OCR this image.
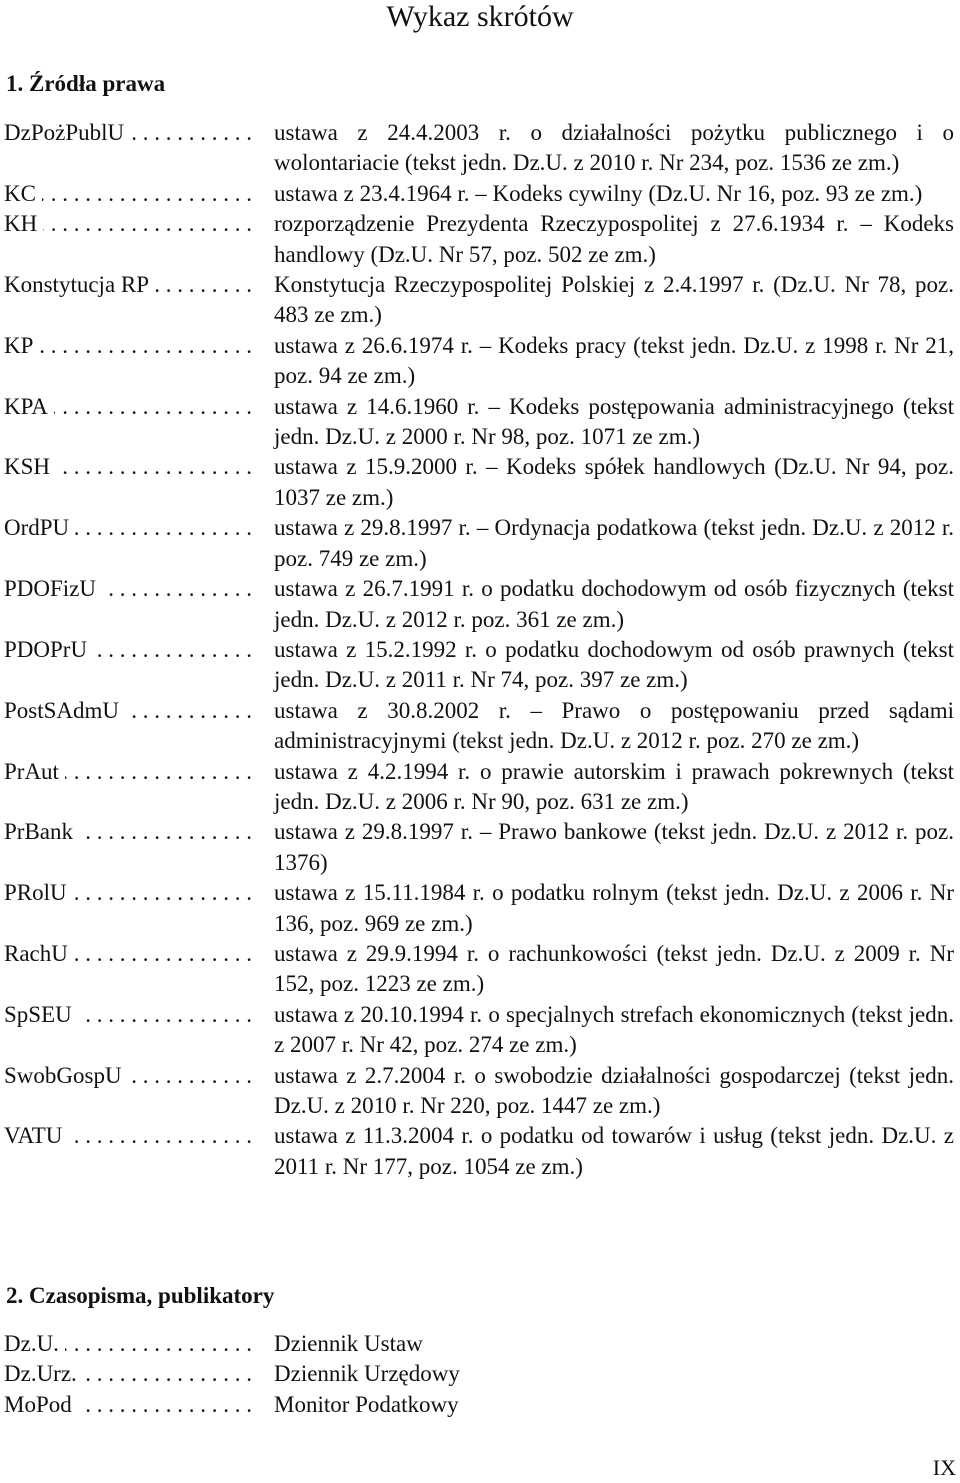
Wykaz skrótów
1. Źródła prawa
DzPożPublU . . .	ustawa z 24.4.2003 r. o działalności pożytku publicznego i o wolontariacie (tekst jedn. Dz.U. z 2010 r. Nr 234, poz. 1536 ze zm.)
KC . . .	ustawa z 23.4.1964 r. – Kodeks cywilny (Dz.U. Nr 16, poz. 93 ze zm.)
KH . . .	rozporządzenie Prezydenta Rzeczypospolitej z 27.6.1934 r. – Kodeks handlowy (Dz.U. Nr 57, poz. 502 ze zm.)
Konstytucja RP . . .	Konstytucja Rzeczypospolitej Polskiej z 2.4.1997 r. (Dz.U. Nr 78, poz. 483 ze zm.)
KP . . .	ustawa z 26.6.1974 r. – Kodeks pracy (tekst jedn. Dz.U. z 1998 r. Nr 21, poz. 94 ze zm.)
KPA . . .	ustawa z 14.6.1960 r. – Kodeks postępowania administracyjnego (tekst jedn. Dz.U. z 2000 r. Nr 98, poz. 1071 ze zm.)
KSH . . .	ustawa z 15.9.2000 r. – Kodeks spółek handlowych (Dz.U. Nr 94, poz. 1037 ze zm.)
OrdPU . . .	ustawa z 29.8.1997 r. – Ordynacja podatkowa (tekst jedn. Dz.U. z 2012 r. poz. 749 ze zm.)
PDOFizU . . .	ustawa z 26.7.1991 r. o podatku dochodowym od osób fizycznych (tekst jedn. Dz.U. z 2012 r. poz. 361 ze zm.)
PDOPrU . . .	ustawa z 15.2.1992 r. o podatku dochodowym od osób prawnych (tekst jedn. Dz.U. z 2011 r. Nr 74, poz. 397 ze zm.)
PostSAdmU . . .	ustawa z 30.8.2002 r. – Prawo o postępowaniu przed sądami administracyjnymi (tekst jedn. Dz.U. z 2012 r. poz. 270 ze zm.)
PrAut . . .	ustawa z 4.2.1994 r. o prawie autorskim i prawach pokrewnych (tekst jedn. Dz.U. z 2006 r. Nr 90, poz. 631 ze zm.)
PrBank . . .	ustawa z 29.8.1997 r. – Prawo bankowe (tekst jedn. Dz.U. z 2012 r. poz. 1376)
PRolU . . .	ustawa z 15.11.1984 r. o podatku rolnym (tekst jedn. Dz.U. z 2006 r. Nr 136, poz. 969 ze zm.)
RachU . . .	ustawa z 29.9.1994 r. o rachunkowości (tekst jedn. Dz.U. z 2009 r. Nr 152, poz. 1223 ze zm.)
SpSEU . . .	ustawa z 20.10.1994 r. o specjalnych strefach ekonomicznych (tekst jedn. z 2007 r. Nr 42, poz. 274 ze zm.)
SwobGospU . . .	ustawa z 2.7.2004 r. o swobodzie działalności gospodarczej (tekst jedn. Dz.U. z 2010 r. Nr 220, poz. 1447 ze zm.)
VATU . . .	ustawa z 11.3.2004 r. o podatku od towarów i usług (tekst jedn. Dz.U. z 2011 r. Nr 177, poz. 1054 ze zm.)
2. Czasopisma, publikatory
Dz.U. . . .	Dziennik Ustaw
Dz.Urz. . . .	Dziennik Urzędowy
MoPod . . .	Monitor Podatkowy
IX
